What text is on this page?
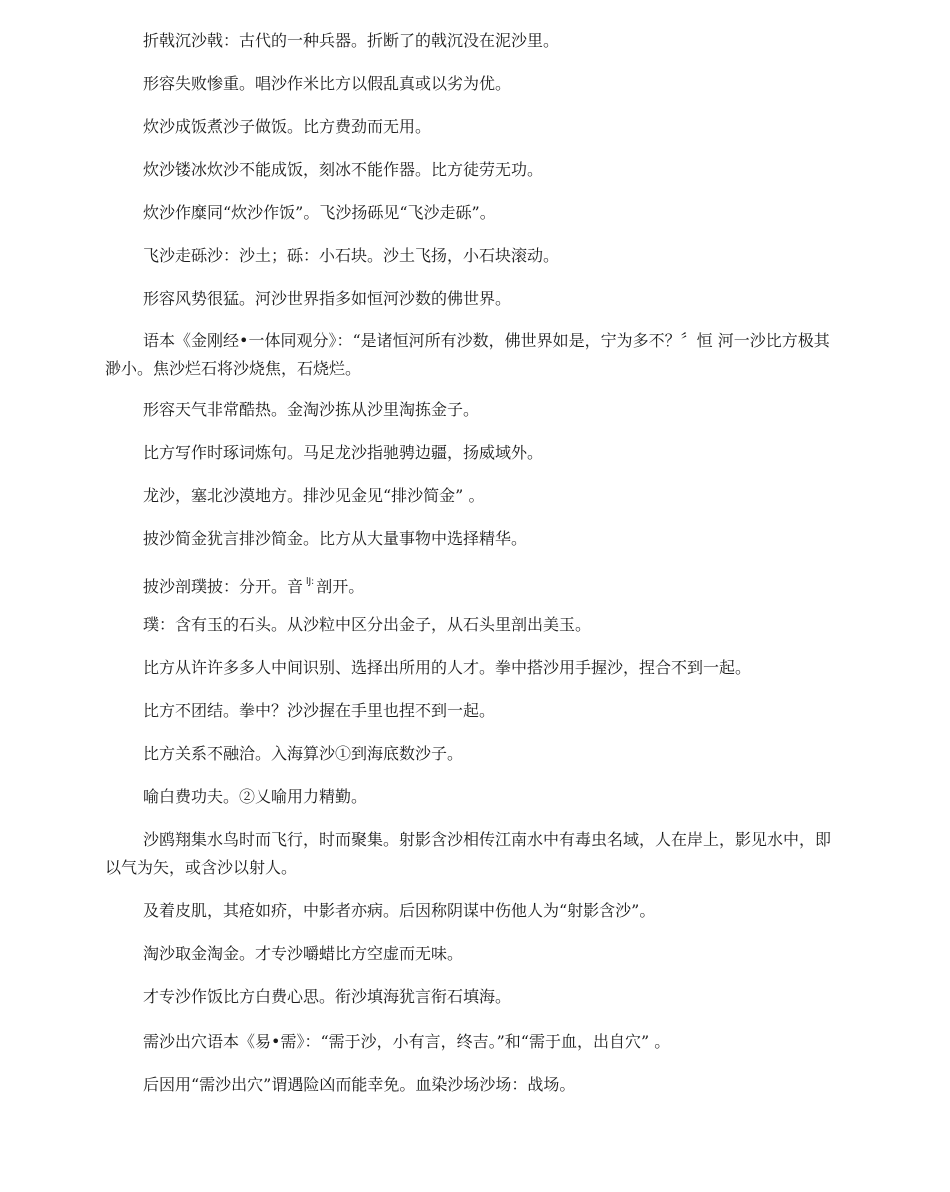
折戟沉沙戟：古代的一种兵器。折断了的戟沉没在泥沙里。

形容失败惨重。唱沙作米比方以假乱真或以劣为优。

炊沙成饭煮沙子做饭。比方费劲而无用。

炊沙镂冰炊沙不能成饭，刻冰不能作器。比方徒劳无功。

炊沙作糜同“炊沙作饭”。飞沙扬砾见“飞沙走砾”。

飞沙走砾沙：沙土；砾：小石块。沙土飞扬，小石块滚动。

形容风势很猛。河沙世界指多如恒河沙数的佛世界。

语本《金刚经•一体同观分》：“是诸恒河所有沙数，佛世界如是，宁为多不？〞恒 河一沙比方极其渺小。焦沙烂石将沙烧焦，石烧烂。

形容天气非常酷热。金淘沙拣从沙里淘拣金子。

比方写作时琢词炼句。马足龙沙指驰骋边疆，扬威域外。

龙沙，塞北沙漠地方。排沙见金见“排沙简金” 。

披沙简金犹言排沙简金。比方从大量事物中选择精华。

披沙剖璞披：分开。音 $^{lJ:}$ 剖开。

璞：含有玉的石头。从沙粒中区分出金子，从石头里剖出美玉。

比方从许许多多人中间识别、选择出所用的人才。拳中搭沙用手握沙，捏合不到一起。

比方不团结。拳中？沙沙握在手里也捏不到一起。

比方关系不融洽。入海算沙①到海底数沙子。

喻白费功夫。②乂喻用力精勤。

沙鸥翔集水鸟时而飞行，时而聚集。射影含沙相传江南水中有毒虫名域，人在岸上，影见水中，即以气为矢，或含沙以射人。

及着皮肌，其疮如疥，中影者亦病。后因称阴谋中伤他人为“射影含沙”。

淘沙取金淘金。才专沙嚼蜡比方空虚而无味。

才专沙作饭比方白费心思。衔沙填海犹言衔石填海。

需沙出穴语本《易•需》：“需于沙，小有言，终吉。”和“需于血，出自穴” 。

后因用“需沙出穴”谓遇险凶而能幸免。血染沙场沙场：战场。
